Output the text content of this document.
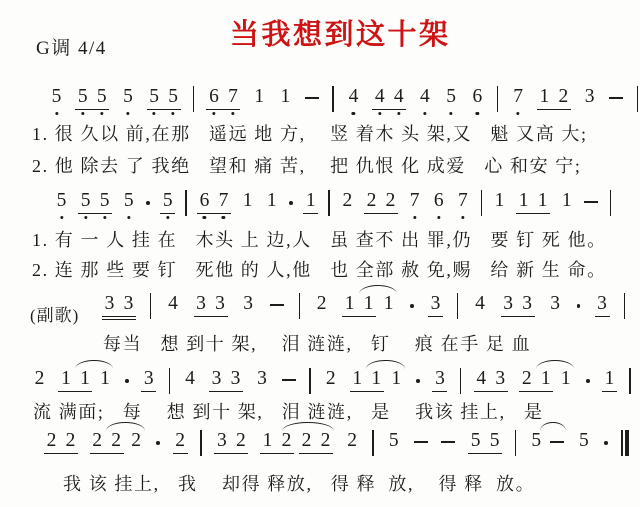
当我想到这十架
G调 4/4
5 5 5 5 5 5 6 7 1 1	4 4 4 4 5 6 7 1 2 3
1. 很 久以 前,在那   遥远 地 方,    竖 着木 头 架,又   魁 又高 大;
2. 他 除去 了 我绝   望和 痛 苦,    把 仇恨 化 成爱   心 和安 宁;
5 5 5 5 5 6 7 1 1 1 2 2 2 7 6 7 1 1 1 1
1. 有 一 人 挂 在   木头 上 边,人   虽 查不 出 罪,仍   要 钉 死 他。
2. 连 那 些 要 钉   死他 的 人,他   也 全部 赦 免,赐   给 新 生 命。
(副歌)
3 3 4 3 3 3	2 1 1 1 3 4 3 3 3 3
每当   想 到十 架,    泪 涟涟,   钉    痕 在手 足 血
2 1 1 1 3 4 3 3 3	2 1 1 1 3 4 3 2 1 1 1
流 满面;   每    想 到十 架,   泪 涟涟,   是    我该 挂上,   是
2 2 2 2 2 2 3 2 1 2 2 2 2 5	5 5 5 5
我 该 挂上,   我    却得 释放,   得 释  放,    得 释  放。
